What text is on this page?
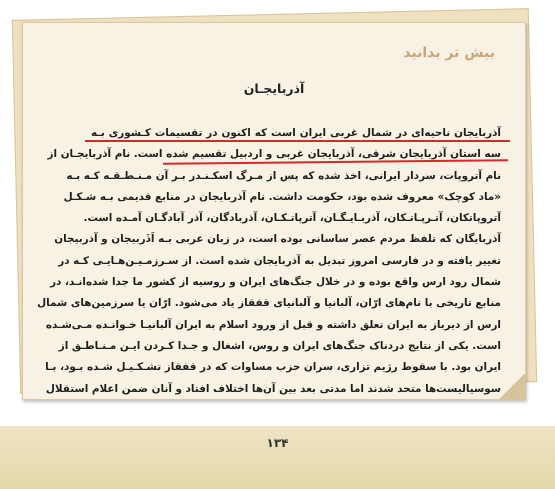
بیش تر بدانید
آذربایجـان
آذربایجان ناحیه‌ای در شمال غربی ایران است که اکنون در تقسیمات کـشوری بـه
سه استان آذربایجان شرقی، آذربایجان غربی و اردبیل تقسیم شده است. نام آذربایجـان از
نام آتروپات، سردار ایرانی، اخذ شده که پس از مـرگ اسکـنـدر بـر آن مـنـطـقـه کـه بـه
«ماد کوچک» معروف شده بود، حکومت داشت. نام آذربایجان در منابع قدیمی بـه شـکـل
آتروپاتکان، آتـرپـاتـکان، آذربـایـگـان، آترپاتـکـان، آذربادگان، آذر آبادگـان آمـده است.
آذربایگان که تلفظ مردم عصر ساسانی بوده است، در زبان عربی بـه اَذَربیجان و آذربیجان
تغییر یافته و در فارسی امروز تبدیل به آذربایجان شده است. از سـرزمـیـن‌هـایـی کـه در
شمال رود ارس واقع بوده و در خلال جنگ‌های ایران و روسیه از کشور ما جدا شده‌انـد، در
منابع تاریخی با نام‌های ارّان، آلبانیا و آلبانیای قفقاز یاد می‌شود. ارّان یا سرزمین‌های شمال
ارس از دیرباز به ایران تعلق داشته و قبل از ورود اسلام به ایران آلبانیـا خـوانـده مـی‌شـده
است. یکی از نتایج دردناک جنگ‌های ایران و روس، اشغال و جـدا کـردن ایـن مـنـاطـق از
ایران بود. با سقوط رژیم تزاری، سران حزب مساوات که در قفقاز تشـکـیـل شـده بـود، بـا
سوسیالیست‌ها متحد شدند اما مدتی بعد بین آن‌ها اختلاف افتاد و آنان ضمن اعلام استقلال
۱۳۴
